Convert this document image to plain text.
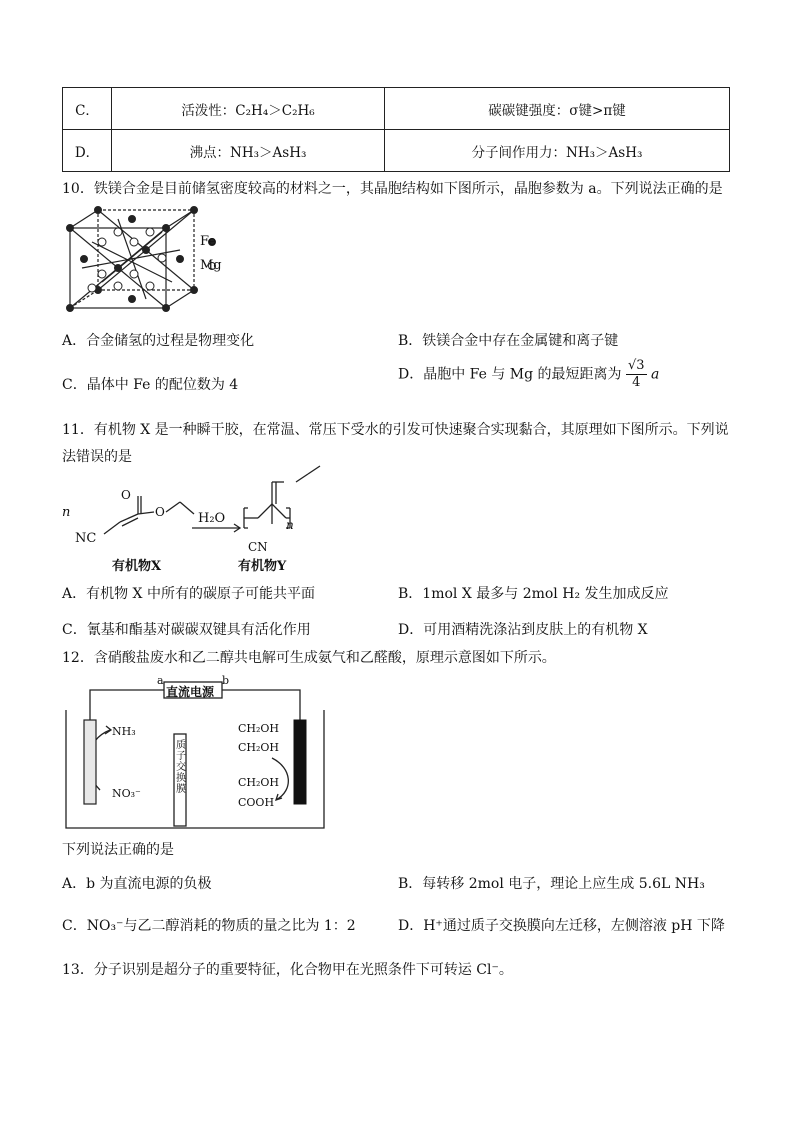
C．	活泼性：C₂H₄＞C₂H₆	碳碳键强度：σ键>π键
D．	沸点：NH₃＞AsH₃	分子间作用力：NH₃＞AsH₃
10．铁镁合金是目前储氢密度较高的材料之一，其晶胞结构如下图所示，晶胞参数为 a。下列说法正确的是
Fe
Mg
A．合金储氢的过程是物理变化	B．铁镁合金中存在金属键和离子键
C．晶体中 Fe 的配位数为 4
D．晶胞中 Fe 与 Mg 的最短距离为 $\frac{√3}{4}$ a
11．有机物 X 是一种瞬干胶，在常温、常压下受水的引发可快速聚合实现黏合，其原理如下图所示。下列说
法错误的是
n
NC
O
O	H₂O
有机物X
CN
n
有机物Y
A．有机物 X 中所有的碳原子可能共平面	B．1mol X 最多与 2mol H₂ 发生加成反应
C．氰基和酯基对碳碳双键具有活化作用	D．可用酒精洗涤沾到皮肤上的有机物 X
12．含硝酸盐废水和乙二醇共电解可生成氨气和乙醛酸，原理示意图如下所示。
直流电源
a	b
NH₃
NO₃⁻
质子交换膜
CH₂OH
CH₂OH
CH₂OH
COOH
下列说法正确的是
A．b 为直流电源的负极	B．每转移 2mol 电子，理论上应生成 5.6L NH₃
C．NO₃⁻与乙二醇消耗的物质的量之比为 1：2	D．H⁺通过质子交换膜向左迁移，左侧溶液 pH 下降
13．分子识别是超分子的重要特征，化合物甲在光照条件下可转运 Cl⁻。
